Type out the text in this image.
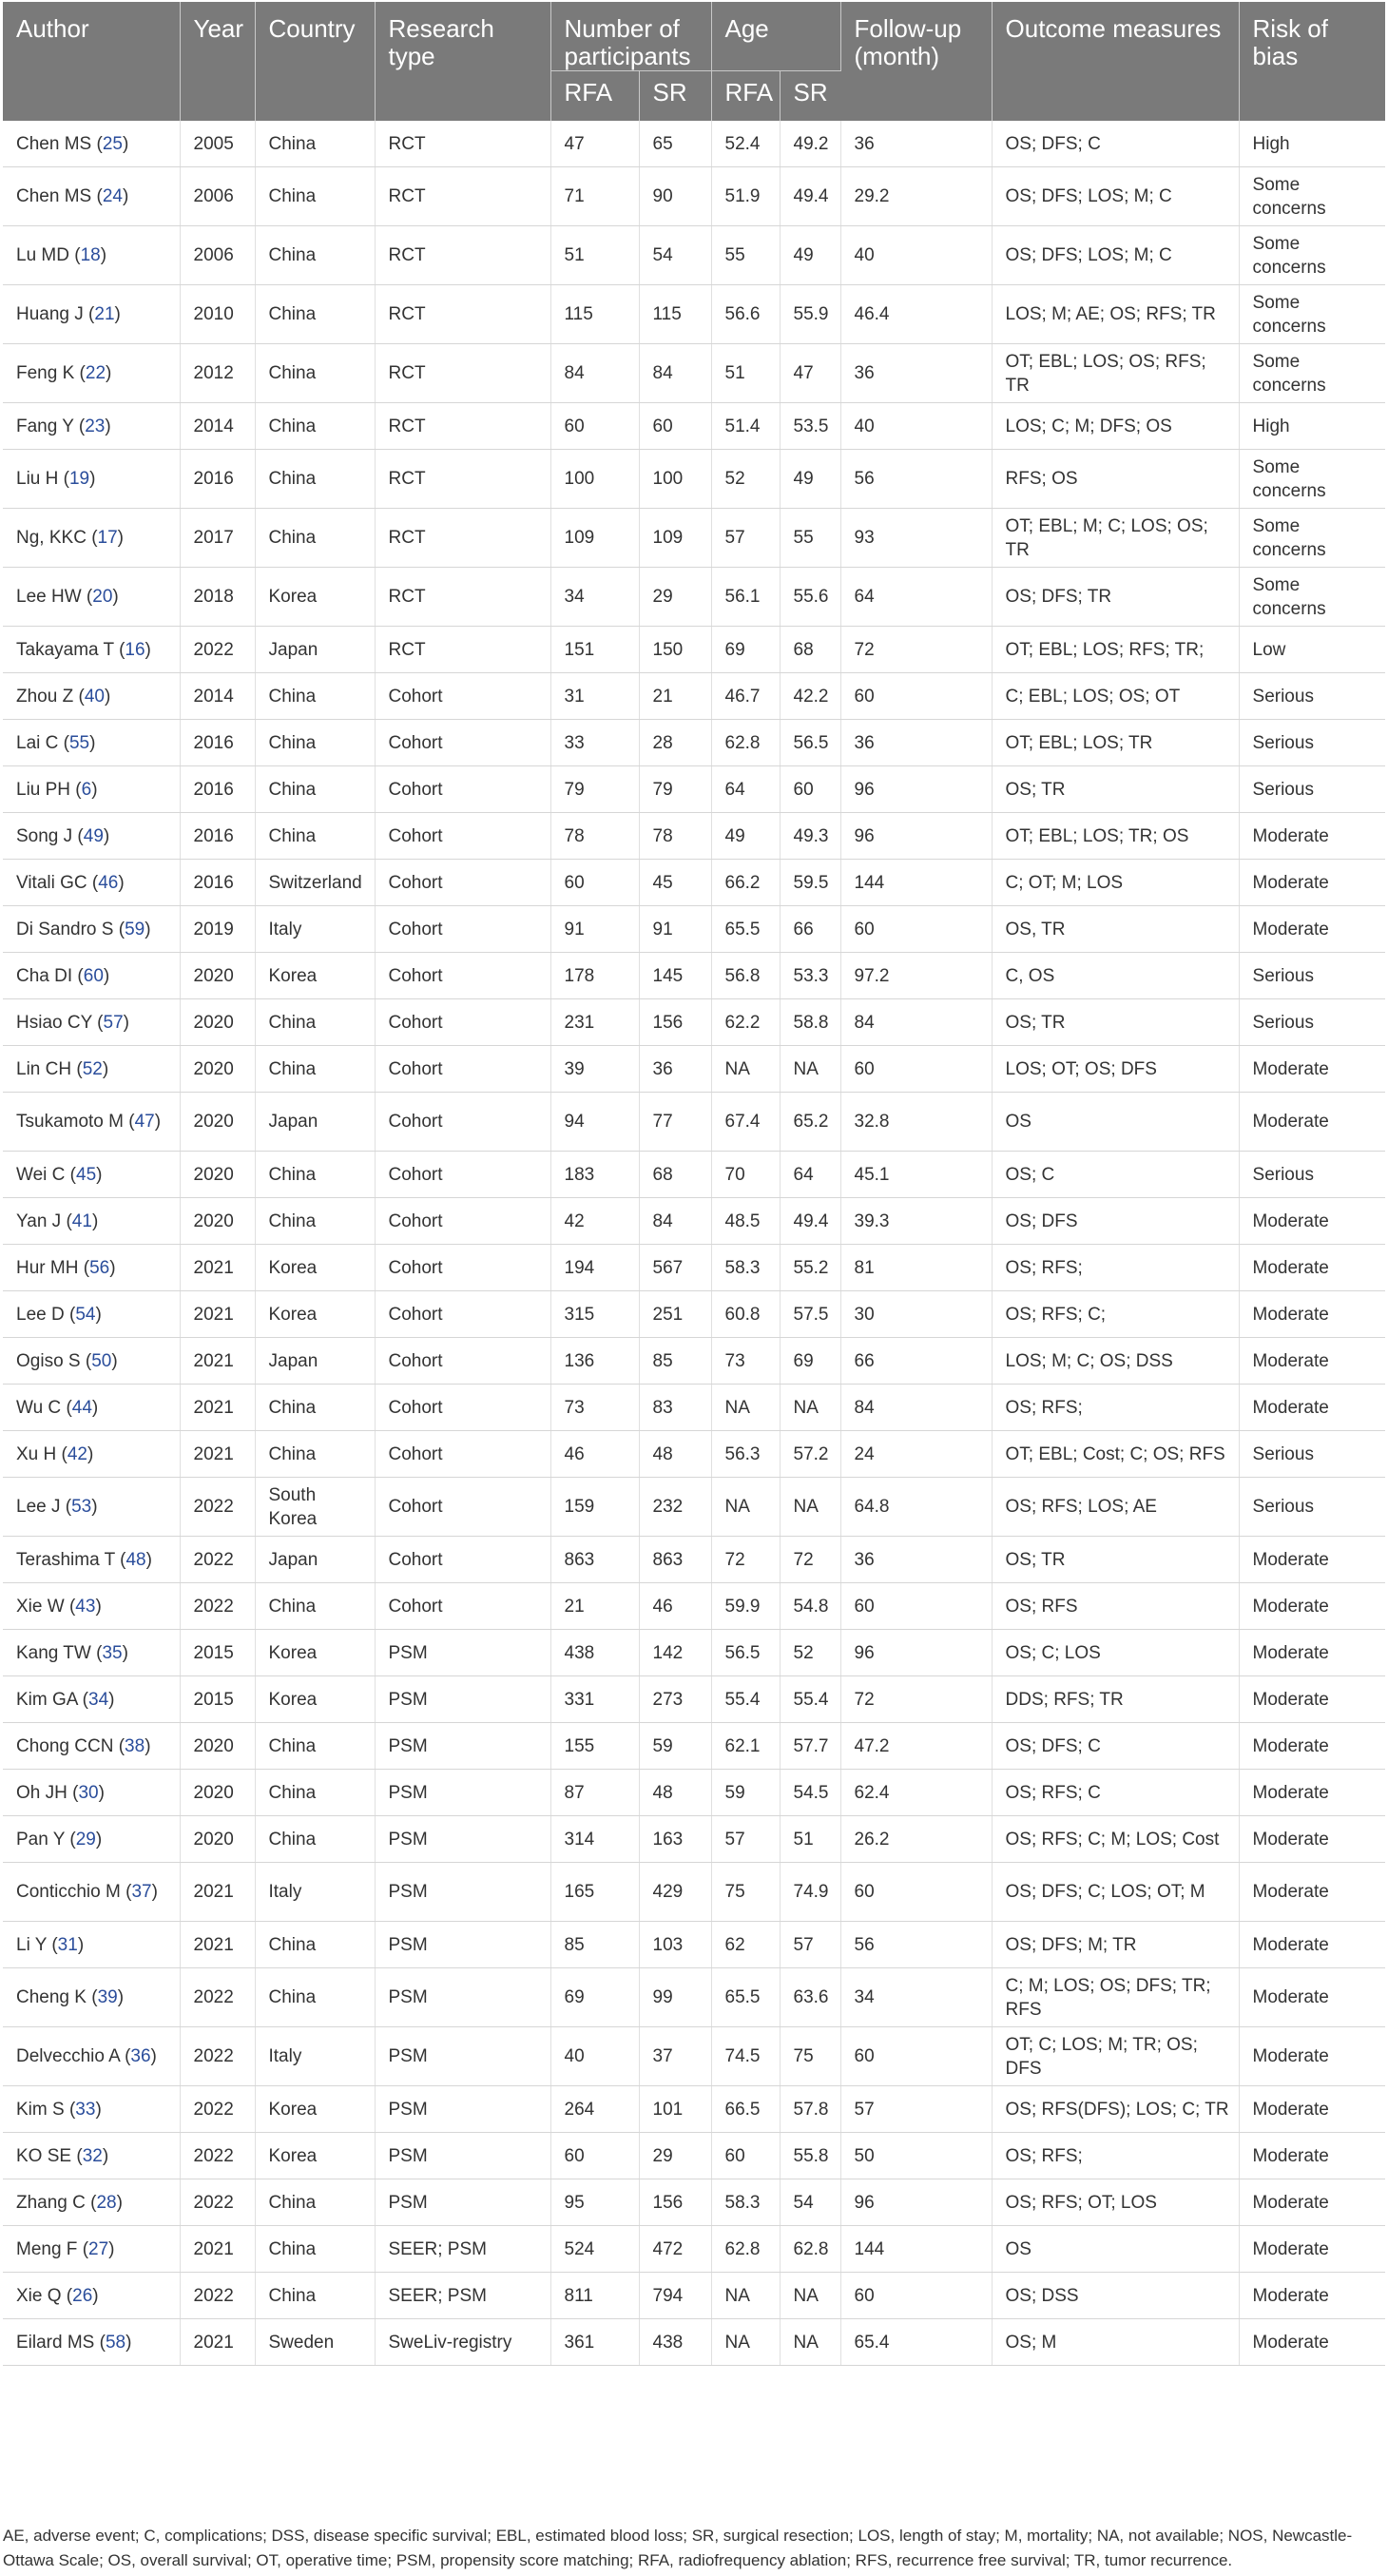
Author	Year	Country	Research type	Number of participants		Age		Follow-up (month)	Outcome measures	Risk of bias
				RFA	SR	RFA	SR			
Chen MS (25)	2005	China	RCT	47	65	52.4	49.2	36	OS; DFS; C	High
Chen MS (24)	2006	China	RCT	71	90	51.9	49.4	29.2	OS; DFS; LOS; M; C	Some concerns
Lu MD (18)	2006	China	RCT	51	54	55	49	40	OS; DFS; LOS; M; C	Some concerns
Huang J (21)	2010	China	RCT	115	115	56.6	55.9	46.4	LOS; M; AE; OS; RFS; TR	Some concerns
Feng K (22)	2012	China	RCT	84	84	51	47	36	OT; EBL; LOS; OS; RFS; TR	Some concerns
Fang Y (23)	2014	China	RCT	60	60	51.4	53.5	40	LOS; C; M; DFS; OS	High
Liu H (19)	2016	China	RCT	100	100	52	49	56	RFS; OS	Some concerns
Ng, KKC (17)	2017	China	RCT	109	109	57	55	93	OT; EBL; M; C; LOS; OS; TR	Some concerns
Lee HW (20)	2018	Korea	RCT	34	29	56.1	55.6	64	OS; DFS; TR	Some concerns
Takayama T (16)	2022	Japan	RCT	151	150	69	68	72	OT; EBL; LOS; RFS; TR;	Low
Zhou Z (40)	2014	China	Cohort	31	21	46.7	42.2	60	C; EBL; LOS; OS; OT	Serious
Lai C (55)	2016	China	Cohort	33	28	62.8	56.5	36	OT; EBL; LOS; TR	Serious
Liu PH (6)	2016	China	Cohort	79	79	64	60	96	OS; TR	Serious
Song J (49)	2016	China	Cohort	78	78	49	49.3	96	OT; EBL; LOS; TR; OS	Moderate
Vitali GC (46)	2016	Switzerland	Cohort	60	45	66.2	59.5	144	C; OT; M; LOS	Moderate
Di Sandro S (59)	2019	Italy	Cohort	91	91	65.5	66	60	OS, TR	Moderate
Cha DI (60)	2020	Korea	Cohort	178	145	56.8	53.3	97.2	C, OS	Serious
Hsiao CY (57)	2020	China	Cohort	231	156	62.2	58.8	84	OS; TR	Serious
Lin CH (52)	2020	China	Cohort	39	36	NA	NA	60	LOS; OT; OS; DFS	Moderate
Tsukamoto M (47)	2020	Japan	Cohort	94	77	67.4	65.2	32.8	OS	Moderate
Wei C (45)	2020	China	Cohort	183	68	70	64	45.1	OS; C	Serious
Yan J (41)	2020	China	Cohort	42	84	48.5	49.4	39.3	OS; DFS	Moderate
Hur MH (56)	2021	Korea	Cohort	194	567	58.3	55.2	81	OS; RFS;	Moderate
Lee D (54)	2021	Korea	Cohort	315	251	60.8	57.5	30	OS; RFS; C;	Moderate
Ogiso S (50)	2021	Japan	Cohort	136	85	73	69	66	LOS; M; C; OS; DSS	Moderate
Wu C (44)	2021	China	Cohort	73	83	NA	NA	84	OS; RFS;	Moderate
Xu H (42)	2021	China	Cohort	46	48	56.3	57.2	24	OT; EBL; Cost; C; OS; RFS	Serious
Lee J (53)	2022	South Korea	Cohort	159	232	NA	NA	64.8	OS; RFS; LOS; AE	Serious
Terashima T (48)	2022	Japan	Cohort	863	863	72	72	36	OS; TR	Moderate
Xie W (43)	2022	China	Cohort	21	46	59.9	54.8	60	OS; RFS	Moderate
Kang TW (35)	2015	Korea	PSM	438	142	56.5	52	96	OS; C; LOS	Moderate
Kim GA (34)	2015	Korea	PSM	331	273	55.4	55.4	72	DDS; RFS; TR	Moderate
Chong CCN (38)	2020	China	PSM	155	59	62.1	57.7	47.2	OS; DFS; C	Moderate
Oh JH (30)	2020	China	PSM	87	48	59	54.5	62.4	OS; RFS; C	Moderate
Pan Y (29)	2020	China	PSM	314	163	57	51	26.2	OS; RFS; C; M; LOS; Cost	Moderate
Conticchio M (37)	2021	Italy	PSM	165	429	75	74.9	60	OS; DFS; C; LOS; OT; M	Moderate
Li Y (31)	2021	China	PSM	85	103	62	57	56	OS; DFS; M; TR	Moderate
Cheng K (39)	2022	China	PSM	69	99	65.5	63.6	34	C; M; LOS; OS; DFS; TR; RFS	Moderate
Delvecchio A (36)	2022	Italy	PSM	40	37	74.5	75	60	OT; C; LOS; M; TR; OS; DFS	Moderate
Kim S (33)	2022	Korea	PSM	264	101	66.5	57.8	57	OS; RFS(DFS); LOS; C; TR	Moderate
KO SE (32)	2022	Korea	PSM	60	29	60	55.8	50	OS; RFS;	Moderate
Zhang C (28)	2022	China	PSM	95	156	58.3	54	96	OS; RFS; OT; LOS	Moderate
Meng F (27)	2021	China	SEER; PSM	524	472	62.8	62.8	144	OS	Moderate
Xie Q (26)	2022	China	SEER; PSM	811	794	NA	NA	60	OS; DSS	Moderate
Eilard MS (58)	2021	Sweden	SweLiv-registry	361	438	NA	NA	65.4	OS; M	Moderate
AE, adverse event; C, complications; DSS, disease specific survival; EBL, estimated blood loss; SR, surgical resection; LOS, length of stay; M, mortality; NA, not available; NOS, Newcastle-Ottawa Scale; OS, overall survival; OT, operative time; PSM, propensity score matching; RFA, radiofrequency ablation; RFS, recurrence free survival; TR, tumor recurrence.
